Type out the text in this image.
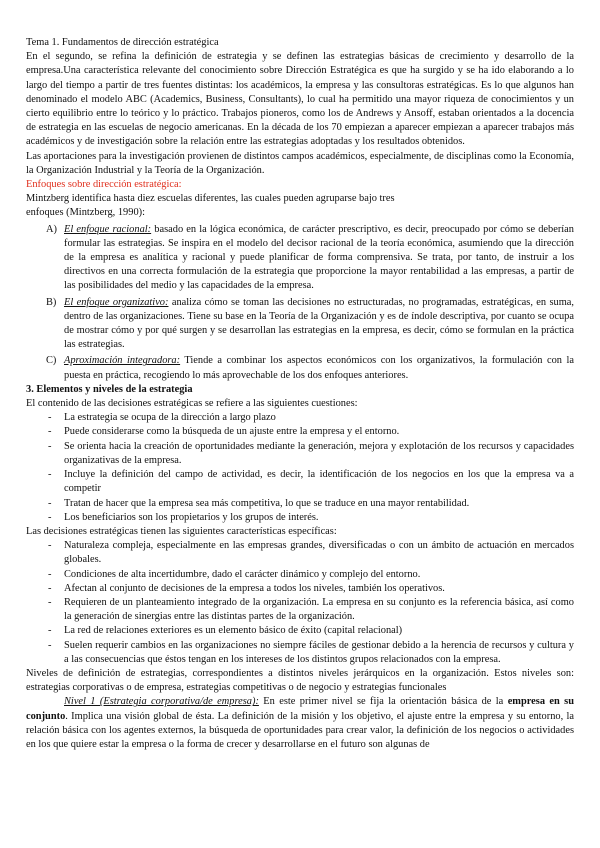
Tema 1. Fundamentos de dirección estratégica

En el segundo, se refina la definición de estrategia y se definen las estrategias básicas de crecimiento y desarrollo de la empresa.Una característica relevante del conocimiento sobre Dirección Estratégica es que ha surgido y se ha ido elaborando a lo largo del tiempo a partir de tres fuentes distintas: los académicos, la empresa y las consultoras estratégicas. Es lo que algunos han denominado el modelo ABC (Academics, Business, Consultants), lo cual ha permitido una mayor riqueza de conocimientos y un cierto equilibrio entre lo teórico y lo práctico. Trabajos pioneros, como los de Andrews y Ansoff, estaban orientados a la docencia de estrategia en las escuelas de negocio americanas. En la década de los 70 empiezan a aparecer empiezan a aparecer trabajos más académicos y de investigación sobre la relación entre las estrategias adoptadas y los resultados obtenidos.

Las aportaciones para la investigación provienen de distintos campos académicos, especialmente, de disciplinas como la Economía, la Organización Industrial y la Teoría de la Organización.

Enfoques sobre dirección estratégica:

Mintzberg identifica hasta diez escuelas diferentes, las cuales pueden agruparse bajo tres

enfoques (Mintzberg, 1990):

A) El enfoque racional: basado en la lógica económica, de carácter prescriptivo, es decir, preocupado por cómo se deberían formular las estrategias. Se inspira en el modelo del decisor racional de la teoría económica, asumiendo que la dirección de la empresa es analítica y racional y puede planificar de forma comprensiva. Se trata, por tanto, de instruir a los directivos en una correcta formulación de la estrategia que proporcione la mayor rentabilidad a las empresas, a partir de las posibilidades del medio y las capacidades de la empresa.
B) El enfoque organizativo: analiza cómo se toman las decisiones no estructuradas, no programadas, estratégicas, en suma, dentro de las organizaciones. Tiene su base en la Teoría de la Organización y es de índole descriptiva, por cuanto se ocupa de mostrar cómo y por qué surgen y se desarrollan las estrategias en la empresa, es decir, cómo se formulan en la práctica las estrategias.
C) Aproximación integradora: Tiende a combinar los aspectos económicos con los organizativos, la formulación con la puesta en práctica, recogiendo lo más aprovechable de los dos enfoques anteriores.

3. Elementos y niveles de la estrategia

El contenido de las decisiones estratégicas se refiere a las siguientes cuestiones:

- La estrategia se ocupa de la dirección a largo plazo
- Puede considerarse como la búsqueda de un ajuste entre la empresa y el entorno.
- Se orienta hacia la creación de oportunidades mediante la generación, mejora y explotación de los recursos y capacidades organizativas de la empresa.
- Incluye la definición del campo de actividad, es decir, la identificación de los negocios en los que la empresa va a competir
- Tratan de hacer que la empresa sea más competitiva, lo que se traduce en una mayor rentabilidad.
- Los beneficiarios son los propietarios y los grupos de interés.

Las decisiones estratégicas tienen las siguientes características específicas:

- Naturaleza compleja, especialmente en las empresas grandes, diversificadas o con un ámbito de actuación en mercados globales.
- Condiciones de alta incertidumbre, dado el carácter dinámico y complejo del entorno.
- Afectan al conjunto de decisiones de la empresa a todos los niveles, también los operativos.
- Requieren de un planteamiento integrado de la organización. La empresa en su conjunto es la referencia básica, así como la generación de sinergias entre las distintas partes de la organización.
- La red de relaciones exteriores es un elemento básico de éxito (capital relacional)
- Suelen requerir cambios en las organizaciones no siempre fáciles de gestionar debido a la herencia de recursos y cultura y a las consecuencias que éstos tengan en los intereses de los distintos grupos relacionados con la empresa.

Niveles de definición de estrategias, correspondientes a distintos niveles jerárquicos en la organización. Estos niveles son: estrategias corporativas o de empresa, estrategias competitivas o de negocio y estrategias funcionales

Nivel 1 (Estrategia corporativa/de empresa): En este primer nivel se fija la orientación básica de la empresa en su conjunto. Implica una visión global de ésta. La definición de la misión y los objetivo, el ajuste entre la empresa y su entorno, la relación básica con los agentes externos, la búsqueda de oportunidades para crear valor, la definición de los negocios o actividades en los que quiere estar la empresa o la forma de crecer y desarrollarse en el futuro son algunas de
